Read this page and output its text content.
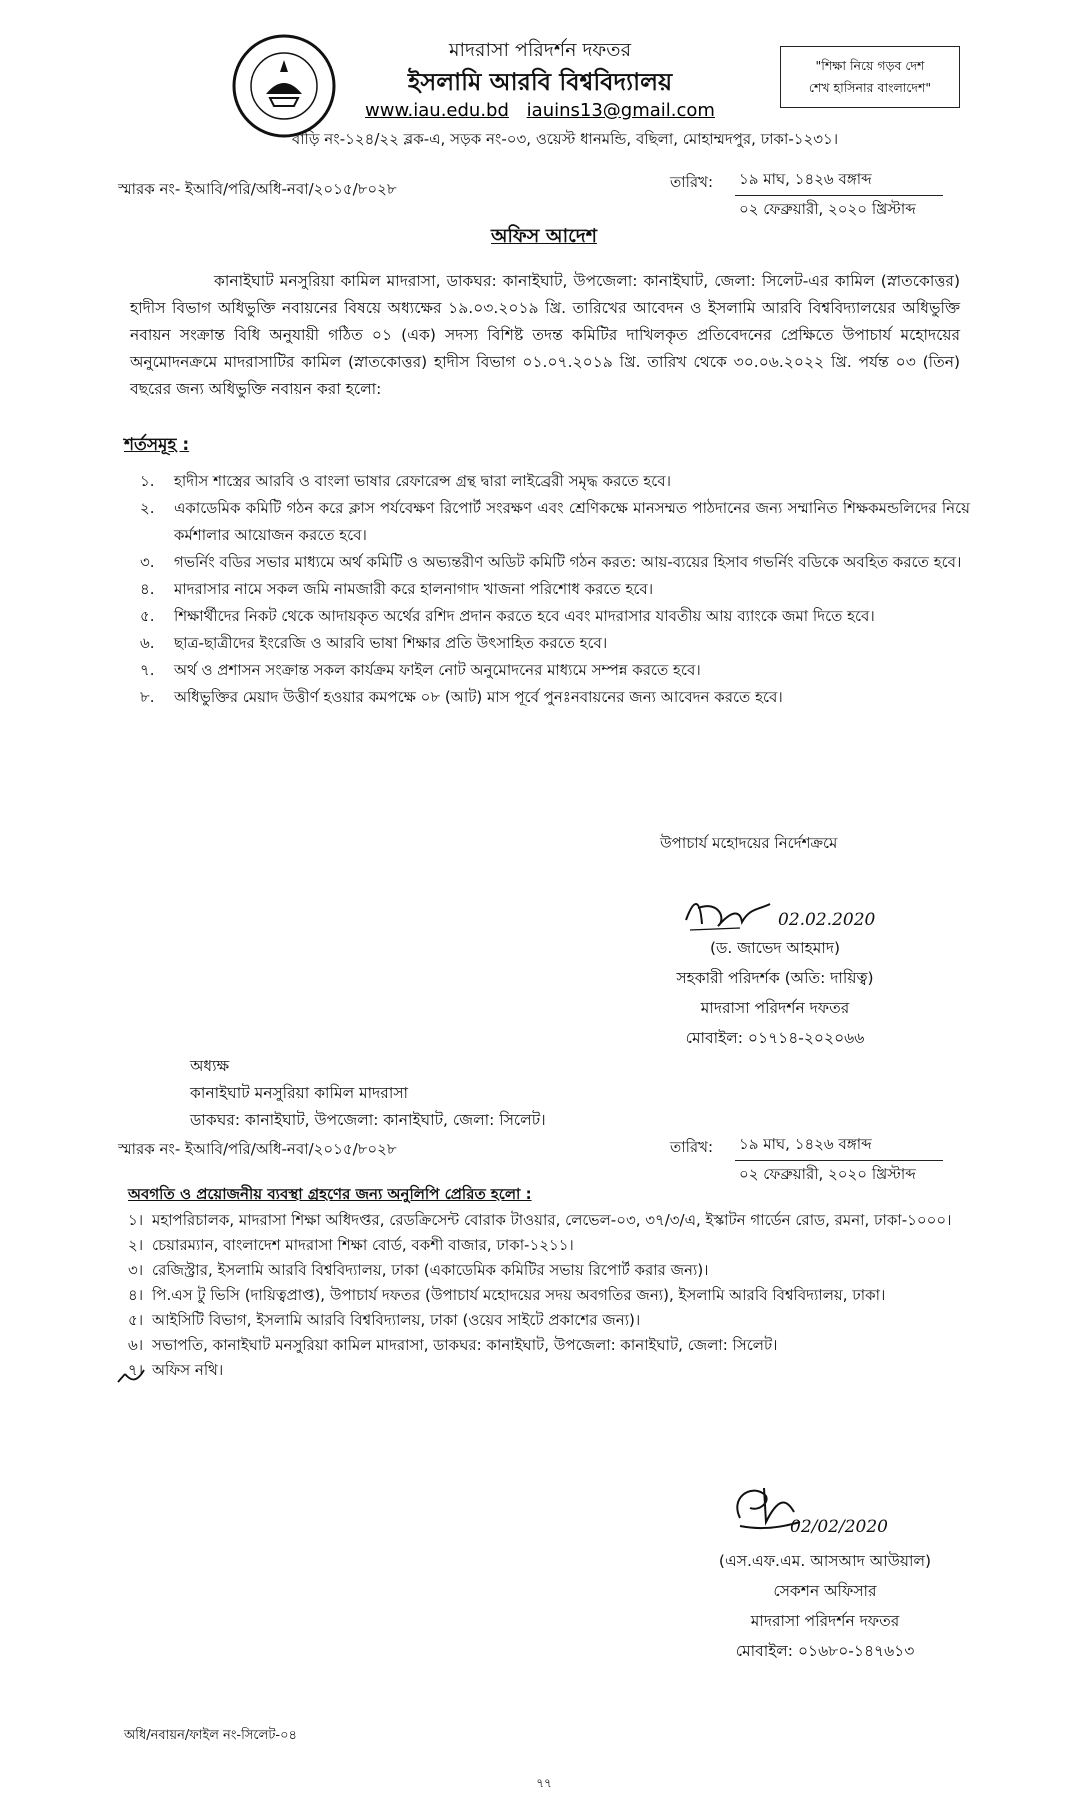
মাদরাসা পরিদর্শন দফতর
ইসলামি আরবি বিশ্ববিদ্যালয়
www.iau.edu.bd iauins13@gmail.com
বাড়ি নং-১২৪/২২ ব্লক-এ, সড়ক নং-০৩, ওয়েস্ট ধানমন্ডি, বছিলা, মোহাম্মদপুর, ঢাকা-১২৩১।
"শিক্ষা নিয়ে গড়ব দেশ
শেখ হাসিনার বাংলাদেশ"
স্মারক নং- ইআবি/পরি/অধি-নবা/২০১৫/৮০২৮	তারিখ: ১৯ মাঘ, ১৪২৬ বঙ্গাব্দ
০২ ফেব্রুয়ারী, ২০২০ খ্রিস্টাব্দ
অফিস আদেশ
কানাইঘাট মনসুরিয়া কামিল মাদরাসা, ডাকঘর: কানাইঘাট, উপজেলা: কানাইঘাট, জেলা: সিলেট-এর কামিল (স্নাতকোত্তর) হাদীস বিভাগ অধিভুক্তি নবায়নের বিষয়ে অধ্যক্ষের ১৯.০৩.২০১৯ খ্রি. তারিখের আবেদন ও ইসলামি আরবি বিশ্ববিদ্যালয়ের অধিভুক্তি নবায়ন সংক্রান্ত বিধি অনুযায়ী গঠিত ০১ (এক) সদস্য বিশিষ্ট তদন্ত কমিটির দাখিলকৃত প্রতিবেদনের প্রেক্ষিতে উপাচার্য মহোদয়ের অনুমোদনক্রমে মাদরাসাটির কামিল (স্নাতকোত্তর) হাদীস বিভাগ ০১.০৭.২০১৯ খ্রি. তারিখ থেকে ৩০.০৬.২০২২ খ্রি. পর্যন্ত ০৩ (তিন) বছরের জন্য অধিভুক্তি নবায়ন করা হলো:
শর্তসমূহ :
১.	হাদীস শাস্ত্রের আরবি ও বাংলা ভাষার রেফারেন্স গ্রন্থ দ্বারা লাইব্রেরী সমৃদ্ধ করতে হবে।
২.	একাডেমিক কমিটি গঠন করে ক্লাস পর্যবেক্ষণ রিপোর্ট সংরক্ষণ এবং শ্রেণিকক্ষে মানসম্মত পাঠদানের জন্য সম্মানিত শিক্ষকমন্ডলিদের নিয়ে কর্মশালার আয়োজন করতে হবে।
৩.	গভর্নিং বডির সভার মাধ্যমে অর্থ কমিটি ও অভ্যন্তরীণ অডিট কমিটি গঠন করত: আয়-ব্যয়ের হিসাব গভর্নিং বডিকে অবহিত করতে হবে।
৪.	মাদরাসার নামে সকল জমি নামজারী করে হালনাগাদ খাজনা পরিশোধ করতে হবে।
৫.	শিক্ষার্থীদের নিকট থেকে আদায়কৃত অর্থের রশিদ প্রদান করতে হবে এবং মাদরাসার যাবতীয় আয় ব্যাংকে জমা দিতে হবে।
৬.	ছাত্র-ছাত্রীদের ইংরেজি ও আরবি ভাষা শিক্ষার প্রতি উৎসাহিত করতে হবে।
৭.	অর্থ ও প্রশাসন সংক্রান্ত সকল কার্যক্রম ফাইল নোট অনুমোদনের মাধ্যমে সম্পন্ন করতে হবে।
৮.	অধিভুক্তির মেয়াদ উত্তীর্ণ হওয়ার কমপক্ষে ০৮ (আট) মাস পূর্বে পুনঃনবায়নের জন্য আবেদন করতে হবে।
উপাচার্য মহোদয়ের নির্দেশক্রমে
02.02.2020
(ড. জাভেদ আহমাদ)
সহকারী পরিদর্শক (অতি: দায়িত্ব)
মাদরাসা পরিদর্শন দফতর
মোবাইল: ০১৭১৪-২০২০৬৬
অধ্যক্ষ
কানাইঘাট মনসুরিয়া কামিল মাদরাসা
ডাকঘর: কানাইঘাট, উপজেলা: কানাইঘাট, জেলা: সিলেট।
স্মারক নং- ইআবি/পরি/অধি-নবা/২০১৫/৮০২৮	তারিখ: ১৯ মাঘ, ১৪২৬ বঙ্গাব্দ
০২ ফেব্রুয়ারী, ২০২০ খ্রিস্টাব্দ
অবগতি ও প্রয়োজনীয় ব্যবস্থা গ্রহণের জন্য অনুলিপি প্রেরিত হলো :
১। মহাপরিচালক, মাদরাসা শিক্ষা অধিদপ্তর, রেডক্রিসেন্ট বোরাক টাওয়ার, লেভেল-০৩, ৩৭/৩/এ, ইস্কাটন গার্ডেন রোড, রমনা, ঢাকা-১০০০।
২। চেয়ারম্যান, বাংলাদেশ মাদরাসা শিক্ষা বোর্ড, বকশী বাজার, ঢাকা-১২১১।
৩। রেজিস্ট্রার, ইসলামি আরবি বিশ্ববিদ্যালয়, ঢাকা (একাডেমিক কমিটির সভায় রিপোর্ট করার জন্য)।
৪। পি.এস টু ভিসি (দায়িত্বপ্রাপ্ত), উপাচার্য দফতর (উপাচার্য মহোদয়ের সদয় অবগতির জন্য), ইসলামি আরবি বিশ্ববিদ্যালয়, ঢাকা।
৫। আইসিটি বিভাগ, ইসলামি আরবি বিশ্ববিদ্যালয়, ঢাকা (ওয়েব সাইটে প্রকাশের জন্য)।
৬। সভাপতি, কানাইঘাট মনসুরিয়া কামিল মাদরাসা, ডাকঘর: কানাইঘাট, উপজেলা: কানাইঘাট, জেলা: সিলেট।
৭। অফিস নথি।
02/02/2020
(এস.এফ.এম. আসআদ আউয়াল)
সেকশন অফিসার
মাদরাসা পরিদর্শন দফতর
মোবাইল: ০১৬৮০-১৪৭৬১৩
অধি/নবায়ন/ফাইল নং-সিলেট-০৪
৭৭
